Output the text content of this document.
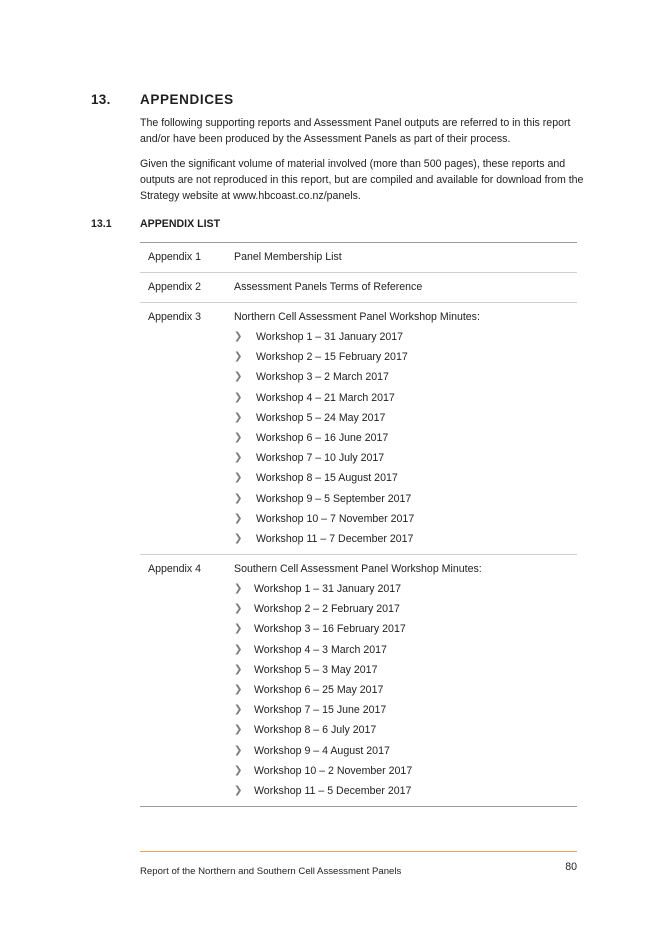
13. APPENDICES

The following supporting reports and Assessment Panel outputs are referred to in this report and/or have been produced by the Assessment Panels as part of their process.

Given the significant volume of material involved (more than 500 pages), these reports and outputs are not reproduced in this report, but are compiled and available for download from the Strategy website at www.hbcoast.co.nz/panels.

13.1	APPENDIX LIST
Appendix 1	Panel Membership List
Appendix 2	Assessment Panels Terms of Reference
Appendix 3	Northern Cell Assessment Panel Workshop Minutes:
❯ Workshop 1 – 31 January 2017
❯ Workshop 2 – 15 February 2017
❯ Workshop 3 – 2 March 2017
❯ Workshop 4 – 21 March 2017
❯ Workshop 5 – 24 May 2017
❯ Workshop 6 – 16 June 2017
❯ Workshop 7 – 10 July 2017
❯ Workshop 8 – 15 August 2017
❯ Workshop 9 – 5 September 2017
❯ Workshop 10 – 7 November 2017
❯ Workshop 11 – 7 December 2017
Appendix 4	Southern Cell Assessment Panel Workshop Minutes:
❯ Workshop 1 – 31 January 2017
❯ Workshop 2 – 2 February 2017
❯ Workshop 3 – 16 February 2017
❯ Workshop 4 – 3 March 2017
❯ Workshop 5 – 3 May 2017
❯ Workshop 6 – 25 May 2017
❯ Workshop 7 – 15 June 2017
❯ Workshop 8 – 6 July 2017
❯ Workshop 9 – 4 August 2017
❯ Workshop 10 – 2 November 2017
❯ Workshop 11 – 5 December 2017
Report of the Northern and Southern Cell Assessment Panels	80
